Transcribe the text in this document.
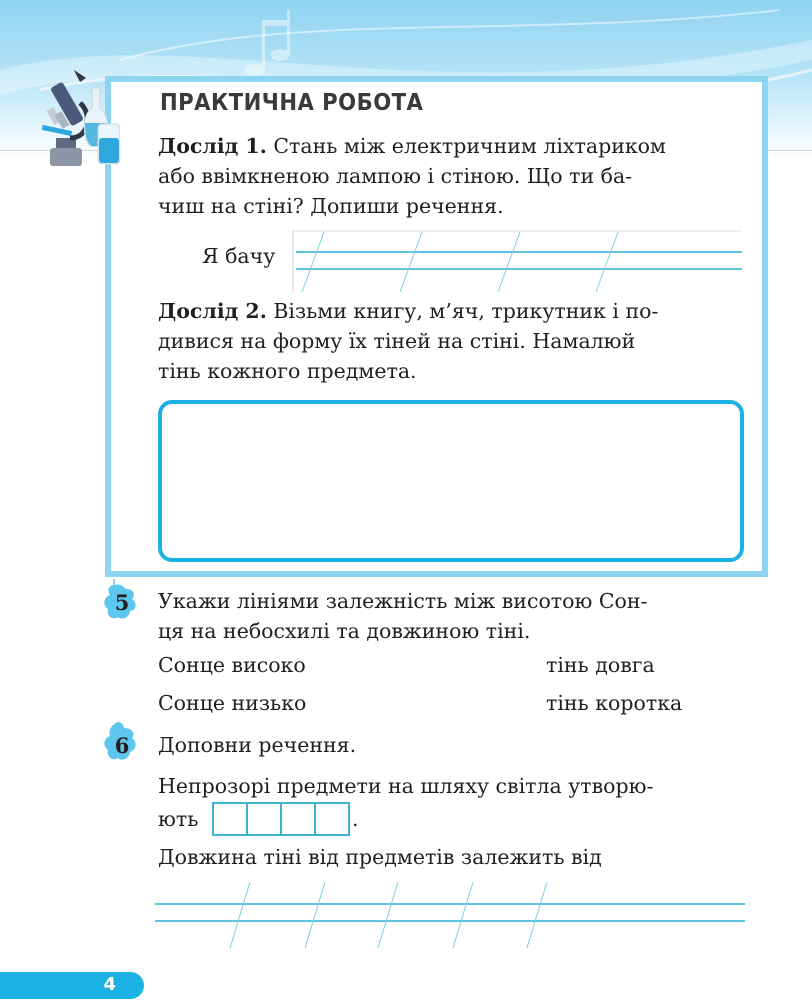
ПРАКТИЧНА РОБОТА
Дослід 1. Стань між електричним ліхтариком
або ввімкненою лампою і стіною. Що ти ба-
чиш на стіні? Допиши речення.
Я бачу
Дослід 2. Візьми книгу, м’яч, трикутник і по-
дивися на форму їх тіней на стіні. Намалюй
тінь кожного предмета.
5	Укажи лініями залежність між висотою Сон-
ця на небосхилі та довжиною тіні.
Сонце високо
Сонце низько
тінь довга
тінь коротка
6	Доповни речення.
Непрозорі предмети на шляху світла утворю-
ють	.
Довжина тіні від предметів залежить від
4
